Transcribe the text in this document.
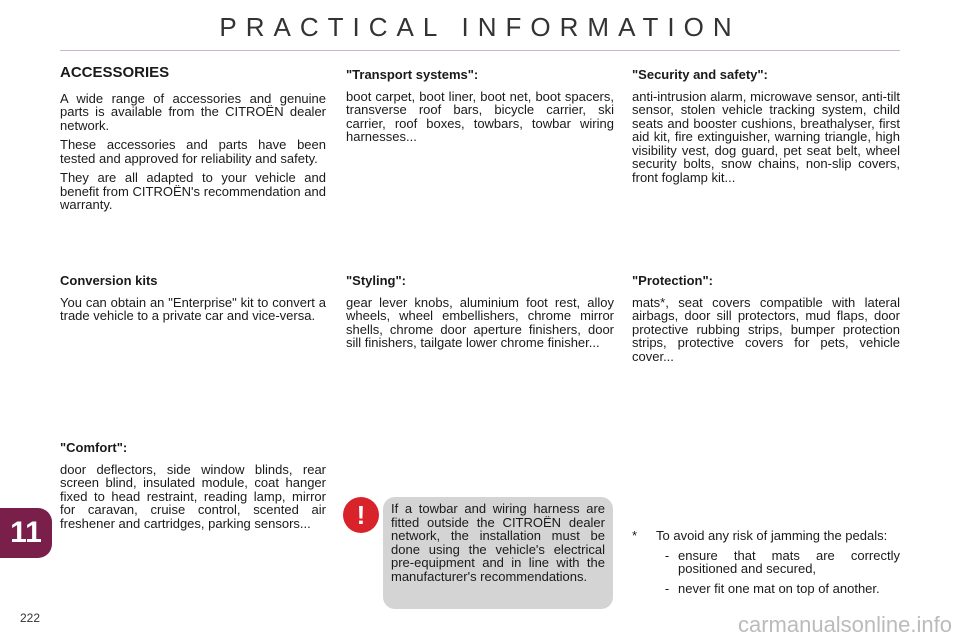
PRACTICAL INFORMATION
ACCESSORIES

A wide range of accessories and genuine parts is available from the CITROËN dealer network.

These accessories and parts have been tested and approved for reliability and safety.

They are all adapted to your vehicle and benefit from CITROËN's recommendation and warranty.

Conversion kits

You can obtain an "Enterprise" kit to convert a trade vehicle to a private car and vice-versa.

"Comfort":

door deflectors, side window blinds, rear screen blind, insulated module, coat hanger fixed to head restraint, reading lamp, mirror for caravan, cruise control, scented air freshener and cartridges, parking sensors...

"Transport systems":

boot carpet, boot liner, boot net, boot spacers, transverse roof bars, bicycle carrier, ski carrier, roof boxes, towbars, towbar wiring harnesses...

"Styling":

gear lever knobs, aluminium foot rest, alloy wheels, wheel embellishers, chrome mirror shells, chrome door aperture finishers, door sill finishers, tailgate lower chrome finisher...

"Security and safety":

anti-intrusion alarm, microwave sensor, anti-tilt sensor, stolen vehicle tracking system, child seats and booster cushions, breathalyser, first aid kit, fire extinguisher, warning triangle, high visibility vest, dog guard, pet seat belt, wheel security bolts, snow chains, non-slip covers, front foglamp kit...

"Protection":

mats*, seat covers compatible with lateral airbags, door sill protectors, mud flaps, door protective rubbing strips, bumper protection strips, protective covers for pets, vehicle cover...

!	If a towbar and wiring harness are fitted outside the CITROËN dealer network, the installation must be done using the vehicle's electrical pre-equipment and in line with the manufacturer's recommendations.
*	To avoid any risk of jamming the pedals:
- ensure that mats are correctly positioned and secured,
- never fit one mat on top of another.
11
222	carmanualsonline.info
